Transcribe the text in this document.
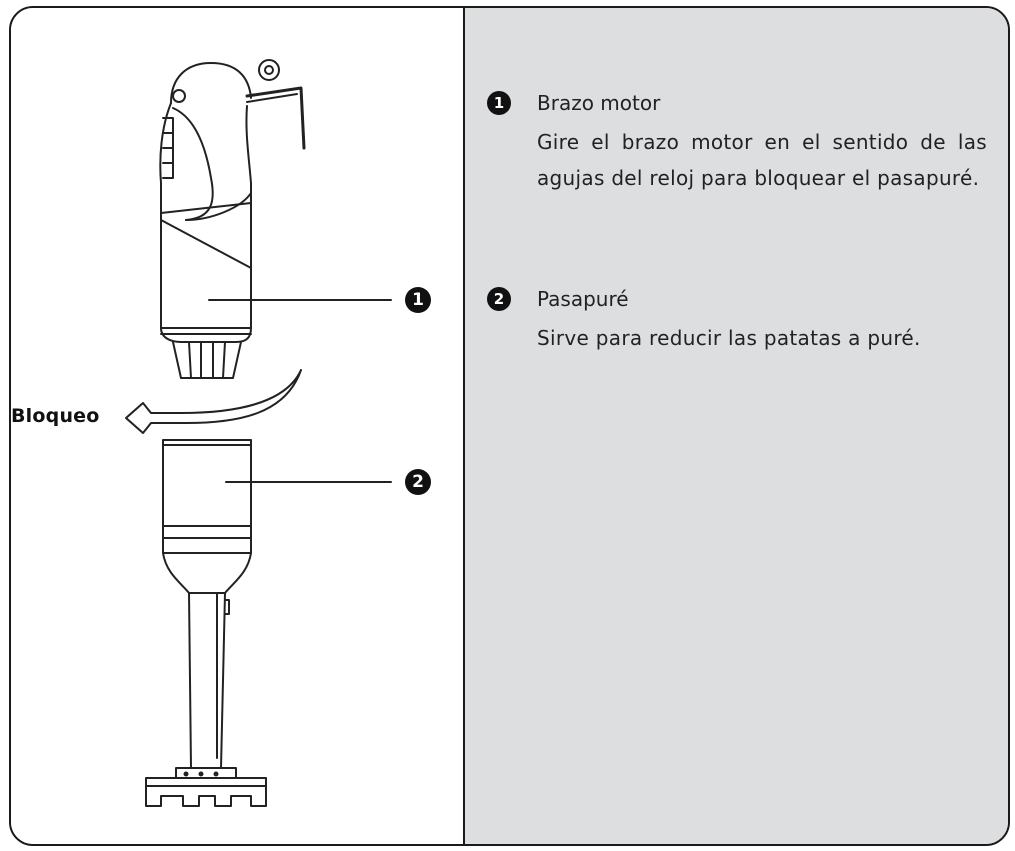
Bloqueo
1
2
1	Brazo motor
Gire el brazo motor en el sentido de las agujas del reloj para bloquear el pasapuré.
2	Pasapuré
Sirve para reducir las patatas a puré.
